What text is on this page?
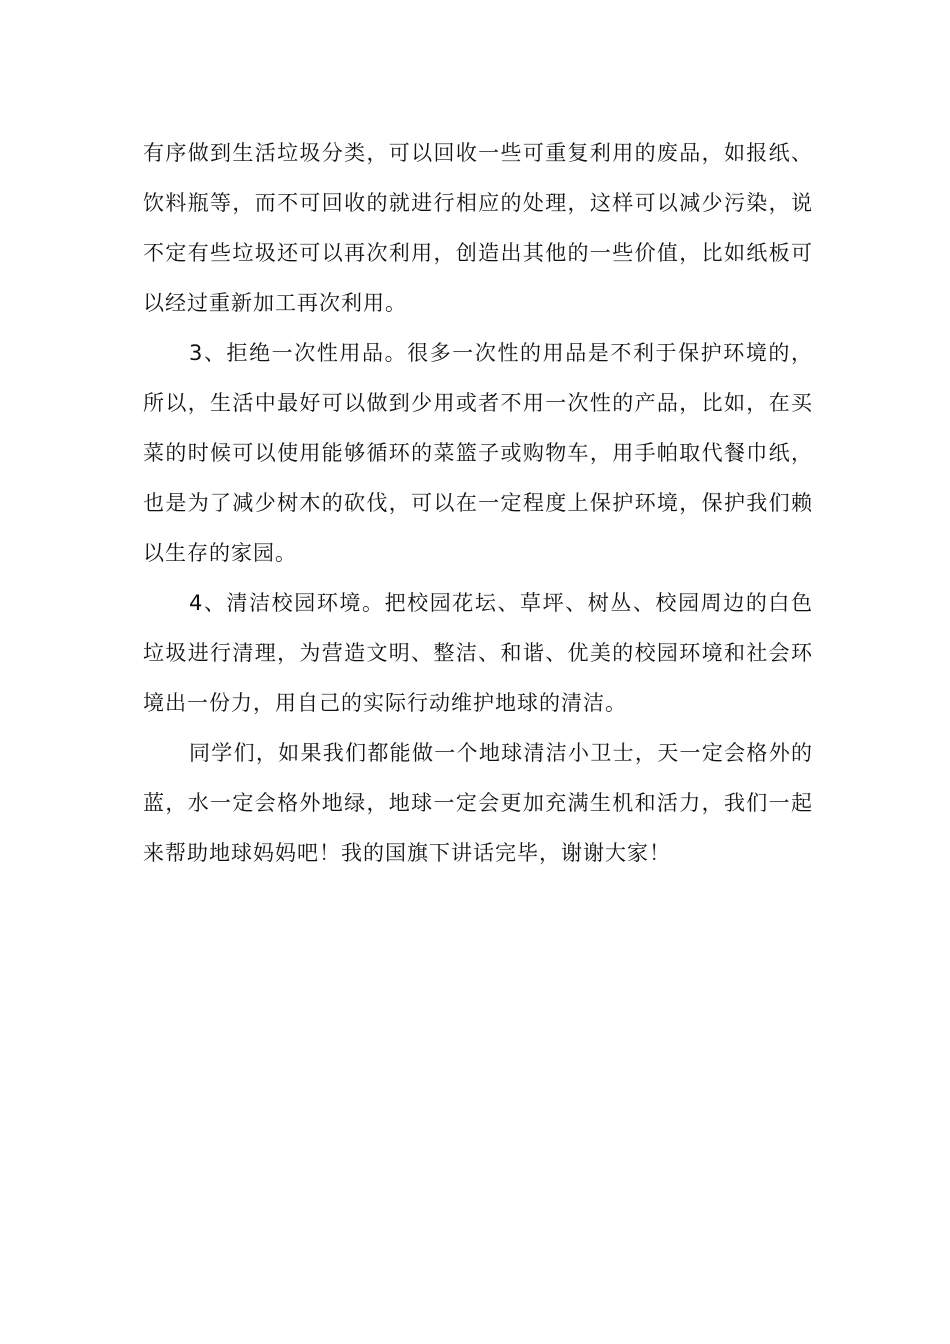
有序做到生活垃圾分类，可以回收一些可重复利用的废品，如报纸、饮料瓶等，而不可回收的就进行相应的处理，这样可以减少污染，说不定有些垃圾还可以再次利用，创造出其他的一些价值，比如纸板可以经过重新加工再次利用。

3、拒绝一次性用品。很多一次性的用品是不利于保护环境的，所以，生活中最好可以做到少用或者不用一次性的产品，比如，在买菜的时候可以使用能够循环的菜篮子或购物车，用手帕取代餐巾纸，也是为了减少树木的砍伐，可以在一定程度上保护环境，保护我们赖以生存的家园。

4、清洁校园环境。把校园花坛、草坪、树丛、校园周边的白色垃圾进行清理，为营造文明、整洁、和谐、优美的校园环境和社会环境出一份力，用自己的实际行动维护地球的清洁。

同学们，如果我们都能做一个地球清洁小卫士，天一定会格外的蓝，水一定会格外地绿，地球一定会更加充满生机和活力，我们一起来帮助地球妈妈吧！我的国旗下讲话完毕，谢谢大家！
